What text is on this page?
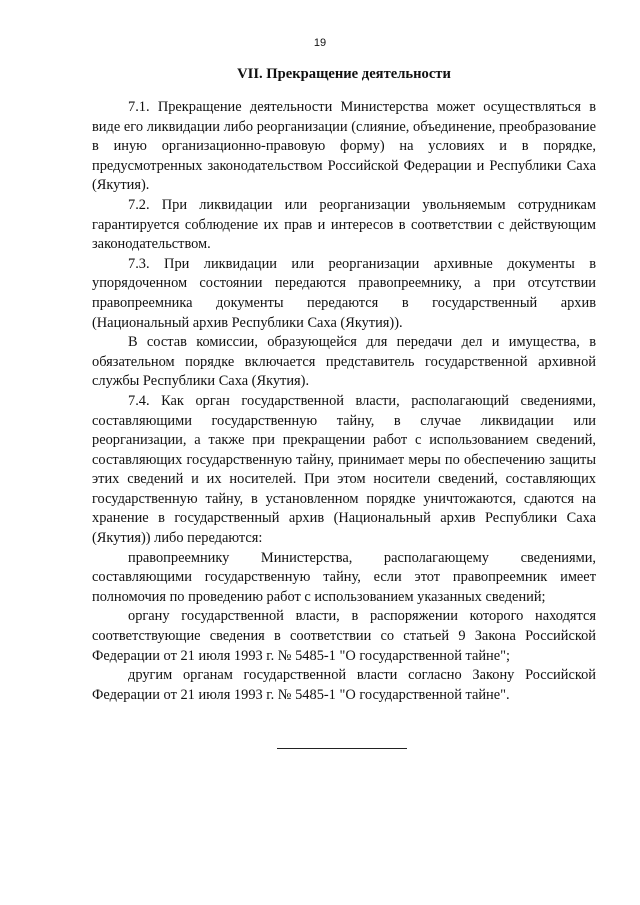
19
VII. Прекращение деятельности

7.1. Прекращение деятельности Министерства может осуществляться в виде его ликвидации либо реорганизации (слияние, объединение, преобразование в иную организационно-правовую форму) на условиях и в порядке, предусмотренных законодательством Российской Федерации и Республики Саха (Якутия).

7.2. При ликвидации или реорганизации увольняемым сотрудникам гарантируется соблюдение их прав и интересов в соответствии с действующим законодательством.

7.3. При ликвидации или реорганизации архивные документы в упорядоченном состоянии передаются правопреемнику, а при отсутствии правопреемника документы передаются в государственный архив (Национальный архив Республики Саха (Якутия)).

В состав комиссии, образующейся для передачи дел и имущества, в обязательном порядке включается представитель государственной архивной службы Республики Саха (Якутия).

7.4. Как орган государственной власти, располагающий сведениями, составляющими государственную тайну, в случае ликвидации или реорганизации, а также при прекращении работ с использованием сведений, составляющих государственную тайну, принимает меры по обеспечению защиты этих сведений и их носителей. При этом носители сведений, составляющих государственную тайну, в установленном порядке уничтожаются, сдаются на хранение в государственный архив (Национальный архив Республики Саха (Якутия)) либо передаются:

правопреемнику Министерства, располагающему сведениями, составляющими государственную тайну, если этот правопреемник имеет полномочия по проведению работ с использованием указанных сведений;

органу государственной власти, в распоряжении которого находятся соответствующие сведения в соответствии со статьей 9 Закона Российской Федерации от 21 июля 1993 г. № 5485-1 "О государственной тайне";

другим органам государственной власти согласно Закону Российской Федерации от 21 июля 1993 г. № 5485-1 "О государственной тайне".
